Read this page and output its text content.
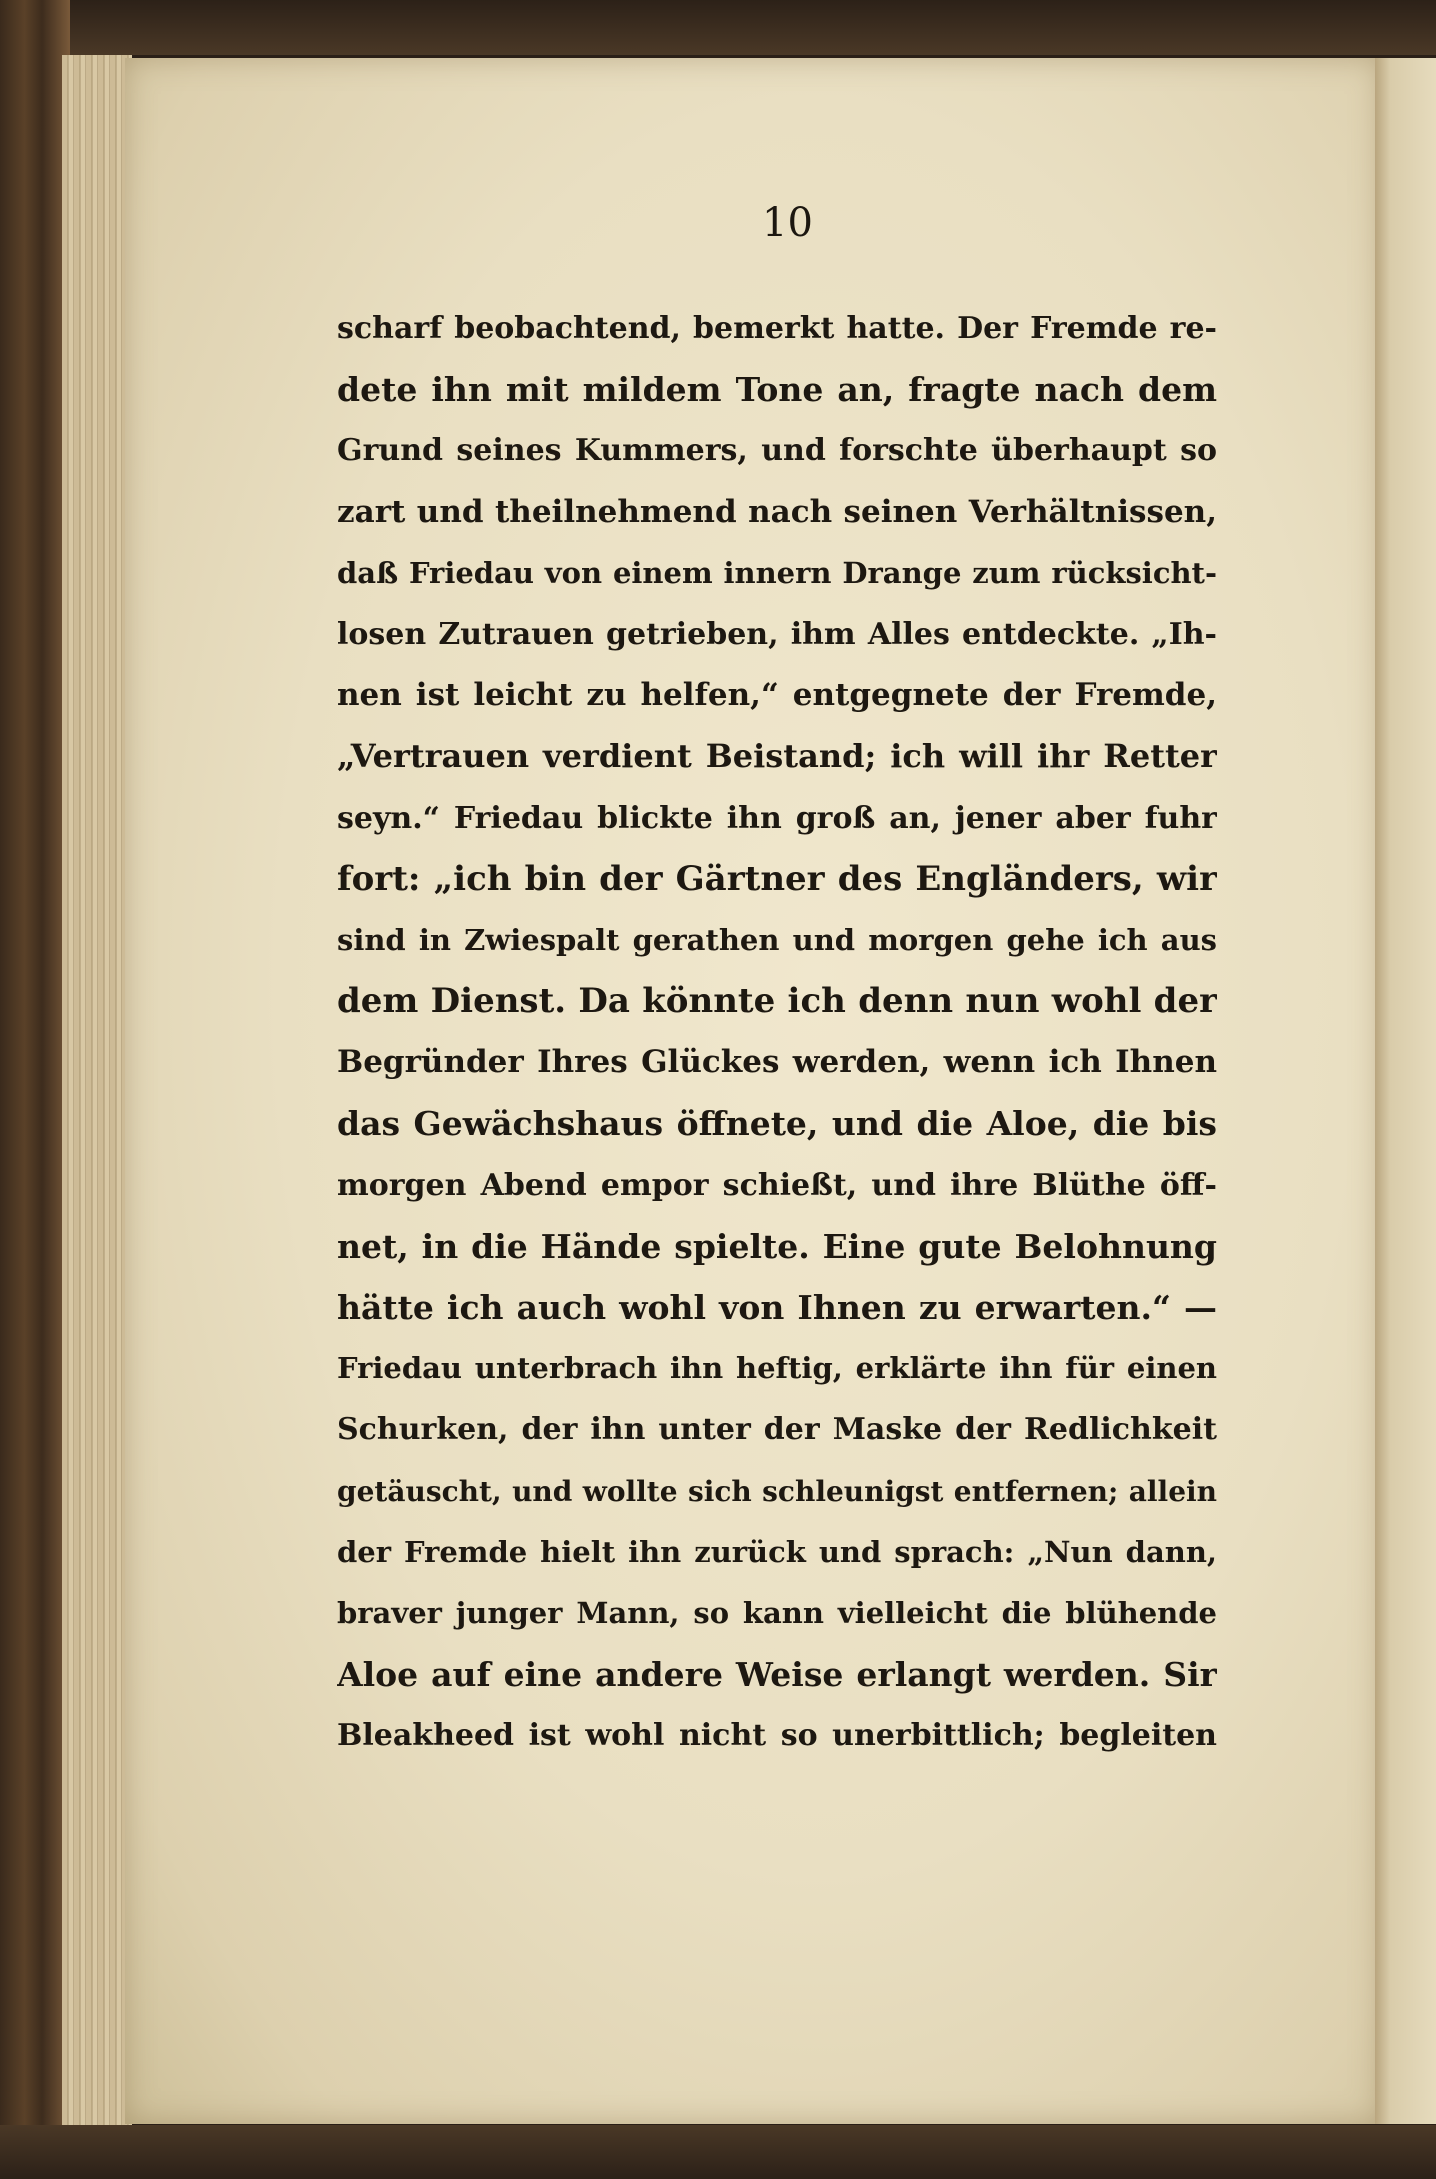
10
scharf beobachtend, bemerkt hatte. Der Fremde re-
dete ihn mit mildem Tone an, fragte nach dem
Grund seines Kummers, und forschte überhaupt so
zart und theilnehmend nach seinen Verhältnissen,
daß Friedau von einem innern Drange zum rücksicht-
losen Zutrauen getrieben, ihm Alles entdeckte. „Ih-
nen ist leicht zu helfen,“ entgegnete der Fremde,
„Vertrauen verdient Beistand; ich will ihr Retter
seyn.“ Friedau blickte ihn groß an, jener aber fuhr
fort: „ich bin der Gärtner des Engländers, wir
sind in Zwiespalt gerathen und morgen gehe ich aus
dem Dienst. Da könnte ich denn nun wohl der
Begründer Ihres Glückes werden, wenn ich Ihnen
das Gewächshaus öffnete, und die Aloe, die bis
morgen Abend empor schießt, und ihre Blüthe öff-
net, in die Hände spielte. Eine gute Belohnung
hätte ich auch wohl von Ihnen zu erwarten.“ —
Friedau unterbrach ihn heftig, erklärte ihn für einen
Schurken, der ihn unter der Maske der Redlichkeit
getäuscht, und wollte sich schleunigst entfernen; allein
der Fremde hielt ihn zurück und sprach: „Nun dann,
braver junger Mann, so kann vielleicht die blühende
Aloe auf eine andere Weise erlangt werden. Sir
Bleakheed ist wohl nicht so unerbittlich; begleiten
